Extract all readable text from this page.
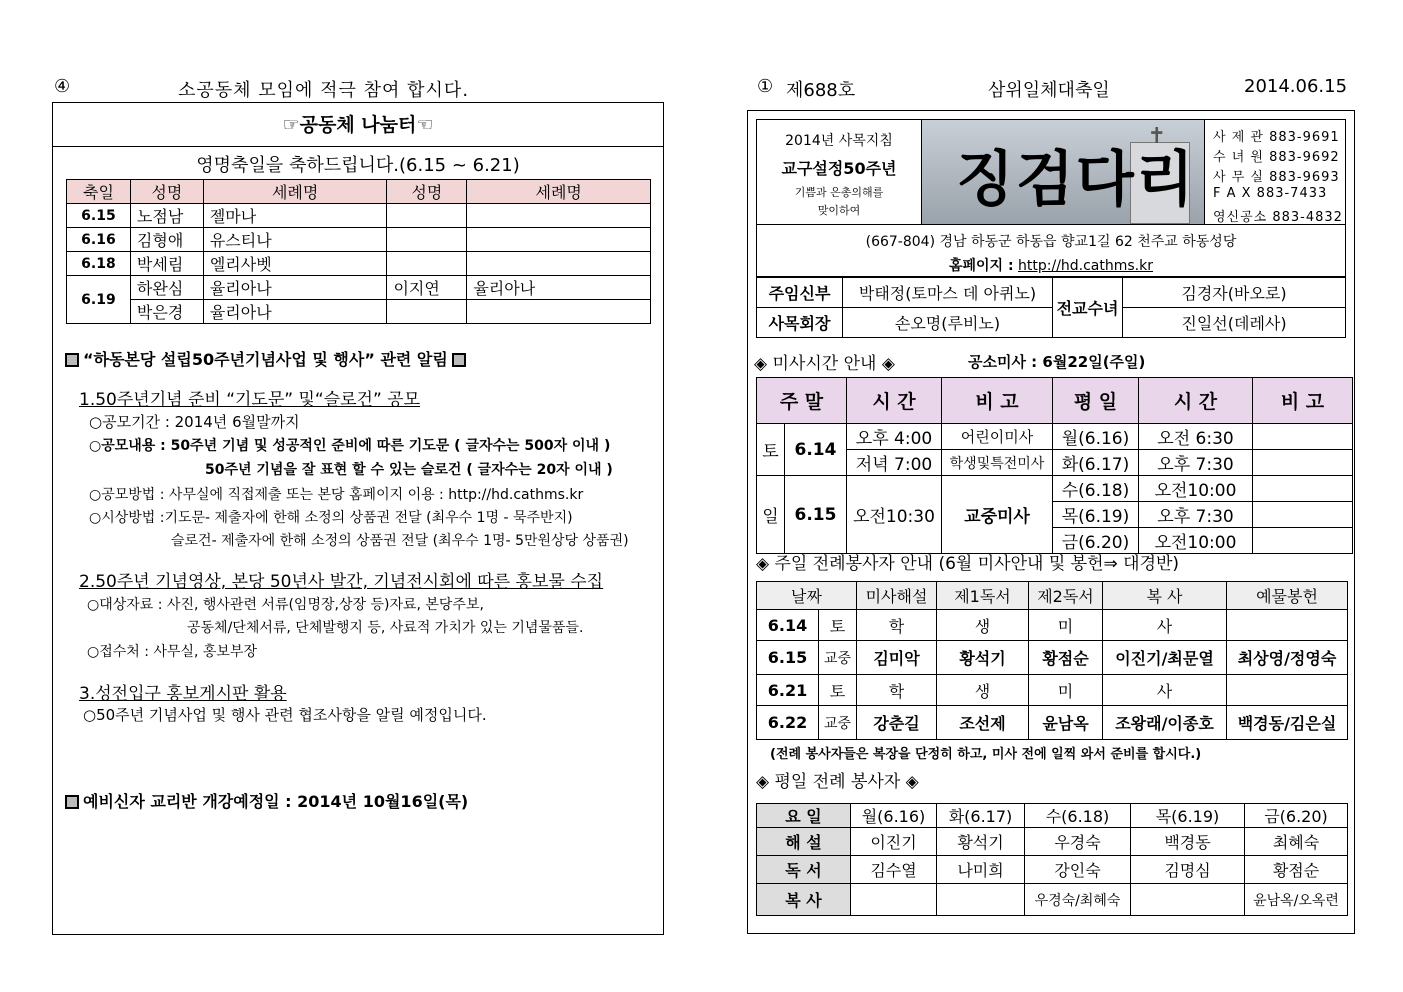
④	소공동체 모임에 적극 참여 합시다.
☞공동체 나눔터☜
영명축일을 축하드립니다.(6.15 ~ 6.21)
축일	성명	세례명	성명	세례명
6.15	노점남	젤마나		
6.16	김형애	유스티나		
6.18	박세림	엘리사벳		
6.19	하완심	율리아나	이지연	율리아나
	박은경	율리아나		
“하동본당 설립50주년기념사업 및 행사” 관련 알림
1.50주년기념 준비 “기도문” 및“슬로건” 공모
○공모기간 : 2014년 6월말까지
○공모내용 : 50주년 기념 및 성공적인 준비에 따른 기도문 ( 글자수는 500자 이내 )
50주년 기념을 잘 표현 할 수 있는 슬로건 ( 글자수는 20자 이내 )
○공모방법 : 사무실에 직접제출 또는 본당 홈페이지 이용 : http://hd.cathms.kr
○시상방법 :기도문- 제출자에 한해 소정의 상품권 전달 (최우수 1명 - 묵주반지)
슬로건- 제출자에 한해 소정의 상품권 전달 (최우수 1명- 5만원상당 상품권)
2.50주년 기념영상, 본당 50년사 발간, 기념전시회에 따른 홍보물 수집
○대상자료 : 사진, 행사관련 서류(임명장,상장 등)자료, 본당주보,
공동체/단체서류, 단체발행지 등, 사료적 가치가 있는 기념물품들.
○접수처 : 사무실, 홍보부장
3.성전입구 홍보게시판 활용
○50주년 기념사업 및 행사 관련 협조사항을 알릴 예정입니다.
예비신자 교리반 개강예정일 : 2014년 10월16일(목)
① 제688호	삼위일체대축일	2014.06.15
2014년 사목지침
교구설정50주년
기쁨과 은총의해를
맞이하여
✝
징검다리
사 제 관 883-9691
수 녀 원 883-9692
사 무 실 883-9693
F A X 883-7433
영신공소 883-4832
(667-804) 경남 하동군 하동읍 향교1길 62 천주교 하동성당
홈페이지 : http://hd.cathms.kr
주임신부	박태정(토마스 데 아퀴노)	전교수녀	김경자(바오로)
사목회장	손오명(루비노)		진일선(데레사)
◈ 미사시간 안내 ◈	공소미사 : 6월22일(주일)
주 말		시 간	비 고	평 일	시 간	비 고
토	6.14	오후 4:00	어린이미사	월(6.16)	오전 6:30	
		저녁 7:00	학생및특전미사	화(6.17)	오후 7:30	
일	6.15	오전10:30	교중미사	수(6.18)	오전10:00	
				목(6.19)	오후 7:30	
				금(6.20)	오전10:00	
◈ 주일 전례봉사자 안내 (6월 미사안내 및 봉헌⇒ 대경반)
날짜		미사해설	제1독서	제2독서	복 사	예물봉헌
6.14	토	학	생	미	사	
6.15	교중	김미악	황석기	황점순	이진기/최문열	최상영/정영숙
6.21	토	학	생	미	사	
6.22	교중	강춘길	조선제	윤남옥	조왕래/이종호	백경동/김은실
(전례 봉사자들은 복장을 단정히 하고, 미사 전에 일찍 와서 준비를 합시다.)
◈ 평일 전례 봉사자 ◈
요 일	월(6.16)	화(6.17)	수(6.18)	목(6.19)	금(6.20)
해 설	이진기	황석기	우경숙	백경동	최혜숙
독 서	김수열	나미희	강인숙	김명심	황점순
복 사			우경숙/최혜숙		윤남옥/오옥련
